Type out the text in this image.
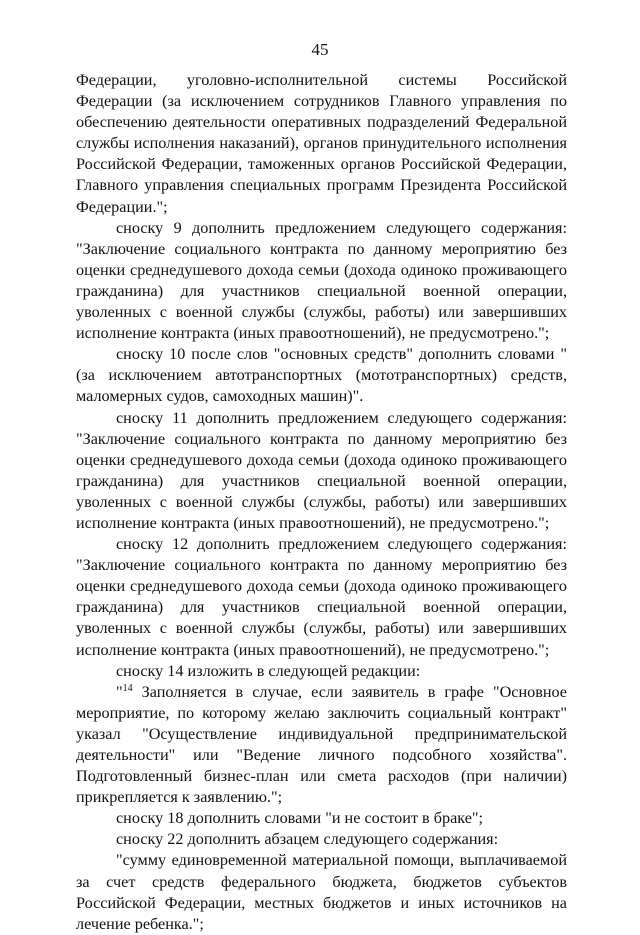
45

Федерации, уголовно-исполнительной системы Российской Федерации (за исключением сотрудников Главного управления по обеспечению деятельности оперативных подразделений Федеральной службы исполнения наказаний), органов принудительного исполнения Российской Федерации, таможенных органов Российской Федерации, Главного управления специальных программ Президента Российской Федерации.";

сноску 9 дополнить предложением следующего содержания: "Заключение социального контракта по данному мероприятию без оценки среднедушевого дохода семьи (дохода одиноко проживающего гражданина) для участников специальной военной операции, уволенных с военной службы (службы, работы) или завершивших исполнение контракта (иных правоотношений), не предусмотрено.";

сноску 10 после слов "основных средств" дополнить словами "(за исключением автотранспортных (мототранспортных) средств, маломерных судов, самоходных машин)".

сноску 11 дополнить предложением следующего содержания: "Заключение социального контракта по данному мероприятию без оценки среднедушевого дохода семьи (дохода одиноко проживающего гражданина) для участников специальной военной операции, уволенных с военной службы (службы, работы) или завершивших исполнение контракта (иных правоотношений), не предусмотрено.";

сноску 12 дополнить предложением следующего содержания: "Заключение социального контракта по данному мероприятию без оценки среднедушевого дохода семьи (дохода одиноко проживающего гражданина) для участников специальной военной операции, уволенных с военной службы (службы, работы) или завершивших исполнение контракта (иных правоотношений), не предусмотрено.";

сноску 14 изложить в следующей редакции:

"$^{14}$ Заполняется в случае, если заявитель в графе "Основное мероприятие, по которому желаю заключить социальный контракт" указал "Осуществление индивидуальной предпринимательской деятельности" или "Ведение личного подсобного хозяйства". Подготовленный бизнес-план или смета расходов (при наличии) прикрепляется к заявлению.";

сноску 18 дополнить словами "и не состоит в браке";

сноску 22 дополнить абзацем следующего содержания:

"сумму единовременной материальной помощи, выплачиваемой за счет средств федерального бюджета, бюджетов субъектов Российской Федерации, местных бюджетов и иных источников на лечение ребенка.";
